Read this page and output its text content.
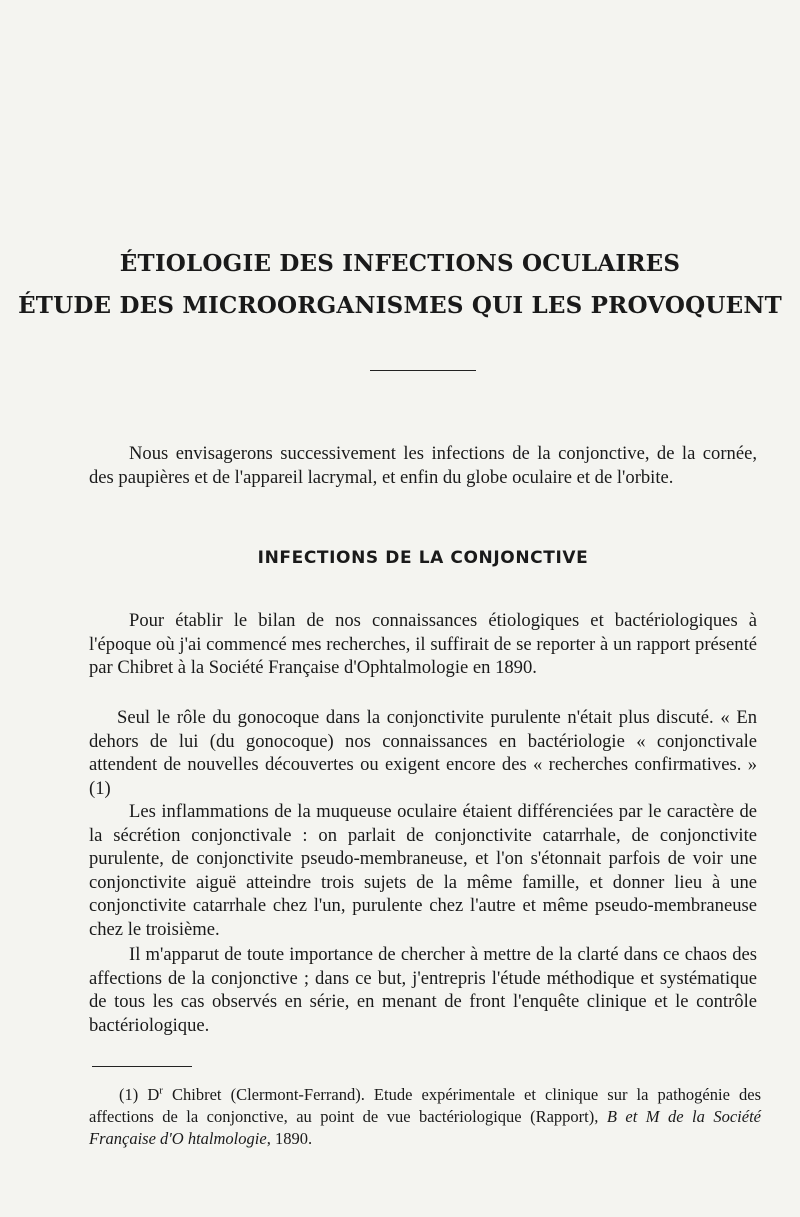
ÉTIOLOGIE DES INFECTIONS OCULAIRES
ÉTUDE DES MICROORGANISMES QUI LES PROVOQUENT

Nous envisagerons successivement les infections de la conjonctive, de la cornée, des paupières et de l'appareil lacrymal, et enfin du globe oculaire et de l'orbite.

INFECTIONS DE LA CONJONCTIVE

Pour établir le bilan de nos connaissances étiologiques et bactériologiques à l'époque où j'ai commencé mes recherches, il suffirait de se reporter à un rapport présenté par Chibret à la Société Française d'Ophtalmologie en 1890.

Seul le rôle du gonocoque dans la conjonctivite purulente n'était plus discuté. « En dehors de lui (du gonocoque) nos connaissances en bactériologie « conjonctivale attendent de nouvelles découvertes ou exigent encore des « recherches confirmatives. » (1)

Les inflammations de la muqueuse oculaire étaient différenciées par le caractère de la sécrétion conjonctivale : on parlait de conjonctivite catarrhale, de conjonctivite purulente, de conjonctivite pseudo-membraneuse, et l'on s'étonnait parfois de voir une conjonctivite aiguë atteindre trois sujets de la même famille, et donner lieu à une conjonctivite catarrhale chez l'un, purulente chez l'autre et même pseudo-membraneuse chez le troisième.

Il m'apparut de toute importance de chercher à mettre de la clarté dans ce chaos des affections de la conjonctive ; dans ce but, j'entrepris l'étude méthodique et systématique de tous les cas observés en série, en menant de front l'enquête clinique et le contrôle bactériologique.

(1) $D^r$ Chibret (Clermont-Ferrand). Etude expérimentale et clinique sur la pathogénie des affections de la conjonctive, au point de vue bactériologique (Rapport), B et M de la Société Française d'O htalmologie, 1890.
